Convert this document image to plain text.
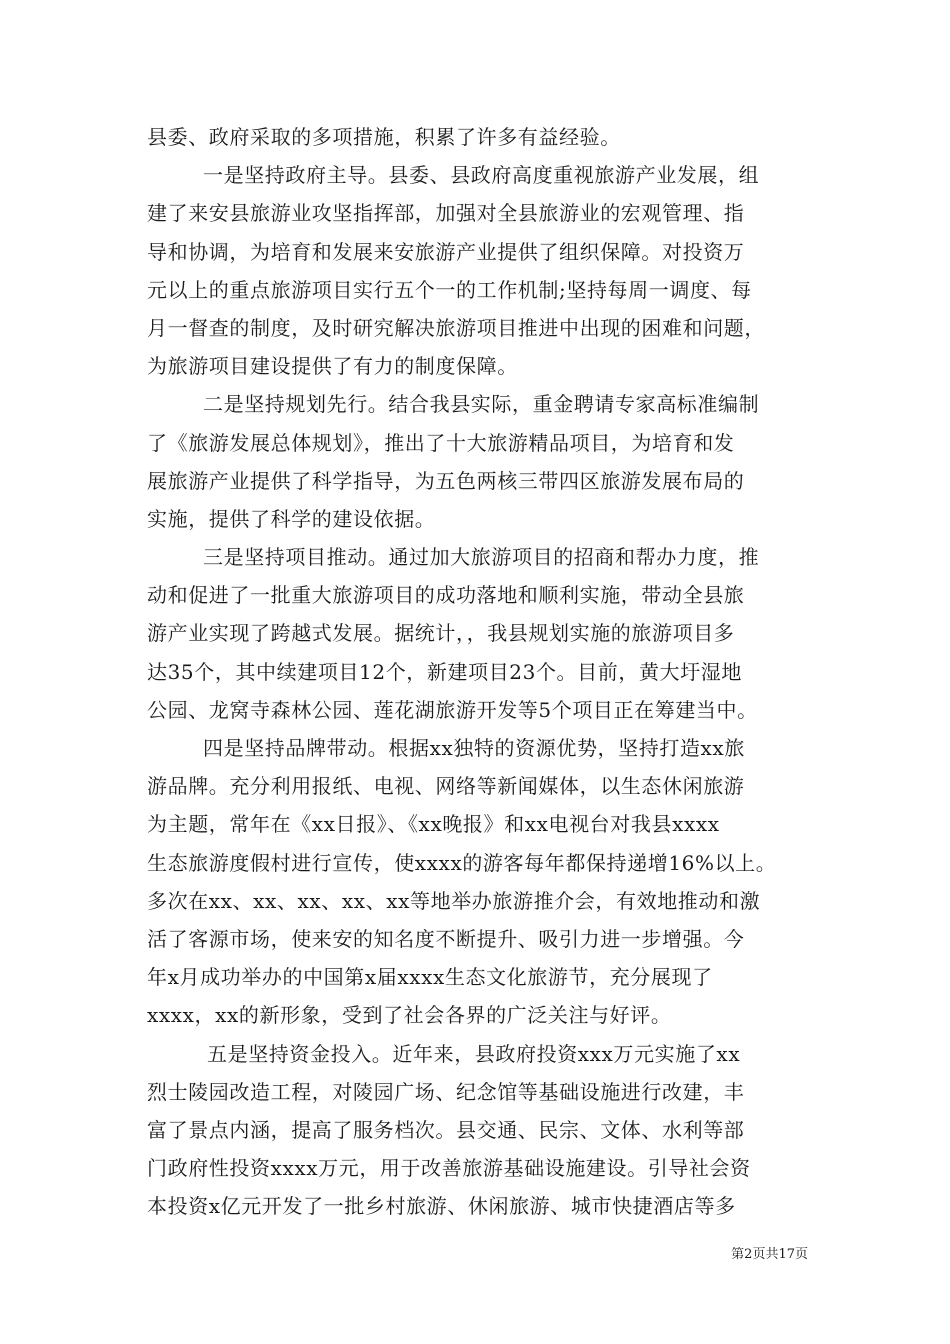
县委、政府采取的多项措施，积累了许多有益经验。
一是坚持政府主导。县委、县政府高度重视旅游产业发展，组
建了来安县旅游业攻坚指挥部，加强对全县旅游业的宏观管理、指
导和协调，为培育和发展来安旅游产业提供了组织保障。对投资万
元以上的重点旅游项目实行五个一的工作机制;坚持每周一调度、每
月一督查的制度，及时研究解决旅游项目推进中出现的困难和问题，
为旅游项目建设提供了有力的制度保障。
二是坚持规划先行。结合我县实际，重金聘请专家高标准编制
了《旅游发展总体规划》，推出了十大旅游精品项目，为培育和发
展旅游产业提供了科学指导，为五色两核三带四区旅游发展布局的
实施，提供了科学的建设依据。
三是坚持项目推动。通过加大旅游项目的招商和帮办力度，推
动和促进了一批重大旅游项目的成功落地和顺利实施，带动全县旅
游产业实现了跨越式发展。据统计，，我县规划实施的旅游项目多
达35个，其中续建项目12个，新建项目23个。目前，黄大圩湿地
公园、龙窝寺森林公园、莲花湖旅游开发等5个项目正在筹建当中。
四是坚持品牌带动。根据xx独特的资源优势，坚持打造xx旅
游品牌。充分利用报纸、电视、网络等新闻媒体，以生态休闲旅游
为主题，常年在《xx日报》、《xx晚报》和xx电视台对我县xxxx
生态旅游度假村进行宣传，使xxxx的游客每年都保持递增16%以上。
多次在xx、xx、xx、xx、xx等地举办旅游推介会，有效地推动和激
活了客源市场，使来安的知名度不断提升、吸引力进一步增强。今
年x月成功举办的中国第x届xxxx生态文化旅游节，充分展现了
xxxx，xx的新形象，受到了社会各界的广泛关注与好评。
五是坚持资金投入。近年来，县政府投资xxx万元实施了xx
烈士陵园改造工程，对陵园广场、纪念馆等基础设施进行改建，丰
富了景点内涵，提高了服务档次。县交通、民宗、文体、水利等部
门政府性投资xxxx万元，用于改善旅游基础设施建设。引导社会资
本投资x亿元开发了一批乡村旅游、休闲旅游、城市快捷酒店等多
第2页共17页
